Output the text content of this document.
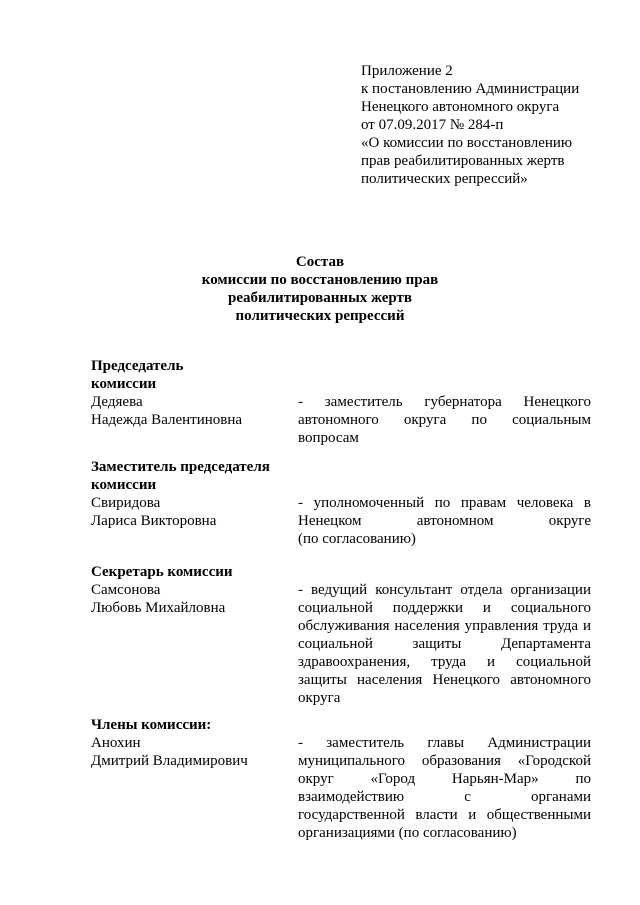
Приложение 2
к постановлению Администрации
Ненецкого автономного округа
от 07.09.2017 № 284-п
«О комиссии по восстановлению
прав реабилитированных жертв
политических репрессий»
Состав
комиссии по восстановлению прав
реабилитированных жертв
политических репрессий
Председатель
комиссии
Дедяева
Надежда Валентиновна
- заместитель губернатора Ненецкого
автономного округа по социальным
вопросам
Заместитель председателя
комиссии
Свиридова
Лариса Викторовна
- уполномоченный по правам человека в
Ненецком автономном округе
(по согласованию)
Секретарь комиссии
Самсонова
Любовь Михайловна
- ведущий консультант отдела организации
социальной поддержки и социального
обслуживания населения управления труда и
социальной защиты Департамента
здравоохранения, труда и социальной
защиты населения Ненецкого автономного
округа
Члены комиссии:
Анохин
Дмитрий Владимирович
- заместитель главы Администрации
муниципального образования «Городской
округ «Город Нарьян-Мар» по
взаимодействию с органами
государственной власти и общественными
организациями (по согласованию)
